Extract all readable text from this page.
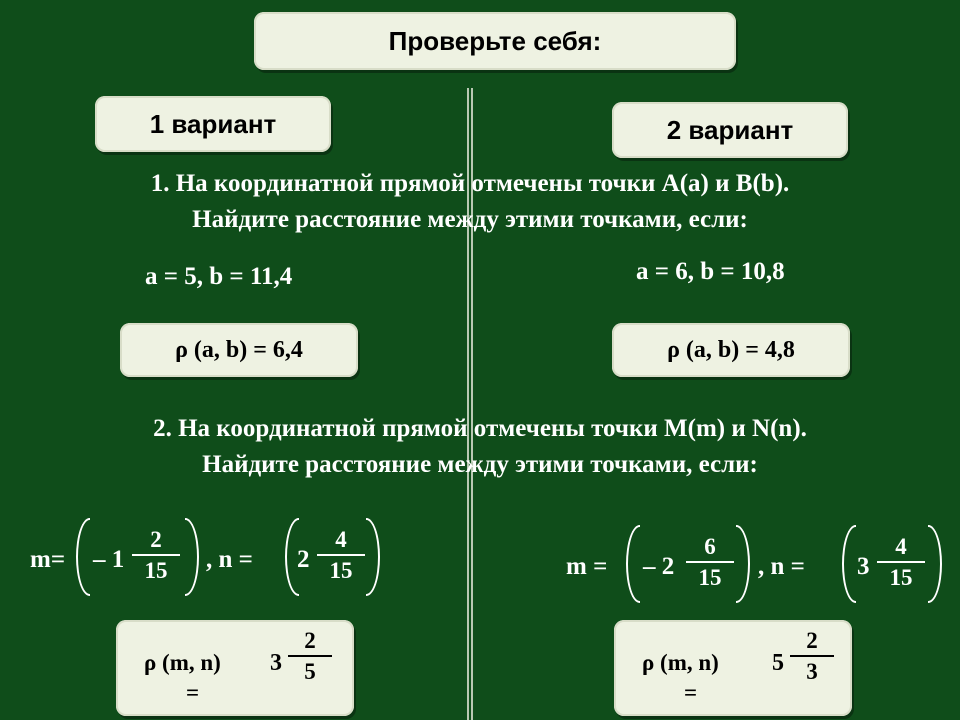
Проверьте себя:
1 вариант	2 вариант
1. На координатной прямой отмечены точки A(a) и B(b).
Найдите расстояние между этими точками, если:
a = 5, b = 11,4	a = 6, b = 10,8
ρ (a, b) = 6,4	ρ (a, b) = 4,8
2. На координатной прямой отмечены точки M(m) и N(n).
Найдите расстояние между этими точками, если:
m= – 1
2
15	, n = 2
4
15	m = – 2
6
15	, n = 3
4
15
ρ (m, n)
=
3
2
5	ρ (m, n)
=
5
2
3
